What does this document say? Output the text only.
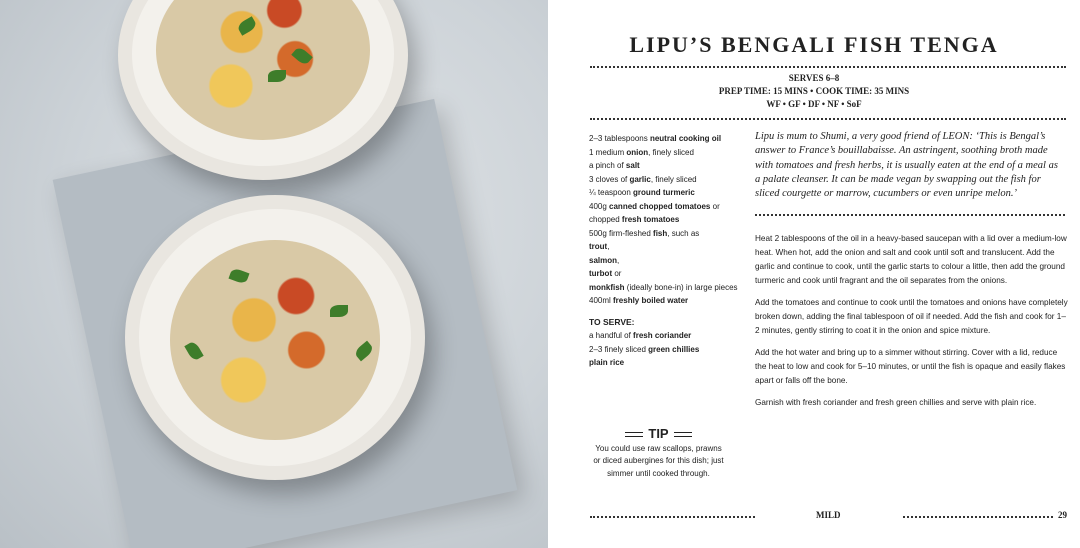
LIPU’S BENGALI FISH TENGA
SERVES 6–8
PREP TIME: 15 MINS • COOK TIME: 35 MINS
WF • GF • DF • NF • SoF
2–3 tablespoons neutral cooking oil
1 medium onion, finely sliced
a pinch of salt
3 cloves of garlic, finely sliced
¼ teaspoon ground turmeric
400g canned chopped tomatoes or
chopped fresh tomatoes
500g firm-fleshed fish, such as
trout,
salmon,
turbot or
monkfish (ideally bone-in) in large pieces
400ml freshly boiled water
TO SERVE:
a handful of fresh coriander
2–3 finely sliced green chillies
plain rice
Lipu is mum to Shumi, a very good friend of LEON: ‘This is Bengal’s answer to France’s bouillabaisse. An astringent, soothing broth made with tomatoes and fresh herbs, it is usually eaten at the end of a meal as a palate cleanser. It can be made vegan by swapping out the fish for sliced courgette or marrow, cucumbers or even unripe melon.’

Heat 2 tablespoons of the oil in a heavy-based saucepan with a lid over a medium-low heat. When hot, add the onion and salt and cook until soft and translucent. Add the garlic and continue to cook, until the garlic starts to colour a little, then add the ground turmeric and cook until fragrant and the oil separates from the onions.

Add the tomatoes and continue to cook until the tomatoes and onions have completely broken down, adding the final tablespoon of oil if needed. Add the fish and cook for 1–2 minutes, gently stirring to coat it in the onion and spice mixture.

Add the hot water and bring up to a simmer without stirring. Cover with a lid, reduce the heat to low and cook for 5–10 minutes, or until the fish is opaque and easily flakes apart or falls off the bone.

Garnish with fresh coriander and fresh green chillies and serve with plain rice.

TIP
You could use raw scallops, prawns or diced aubergines for this dish; just simmer until cooked through.
MILD	29
